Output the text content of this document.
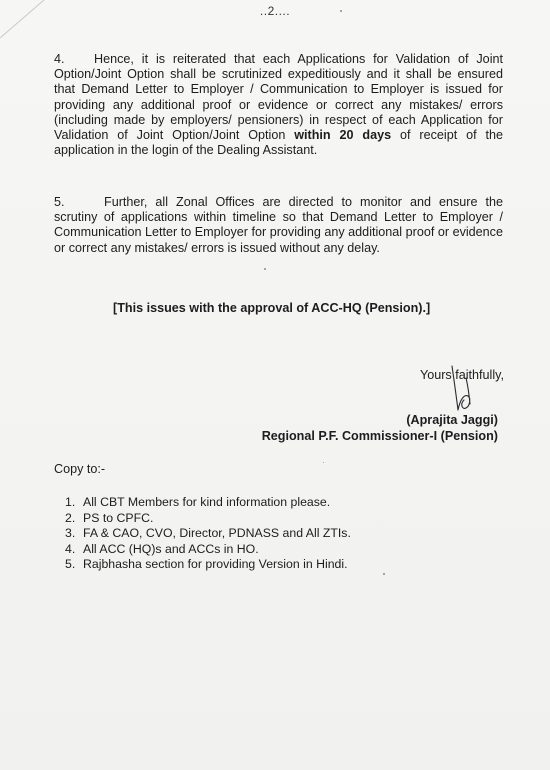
..2....
4. Hence, it is reiterated that each Applications for Validation of Joint Option/Joint Option shall be scrutinized expeditiously and it shall be ensured that Demand Letter to Employer / Communication to Employer is issued for providing any additional proof or evidence or correct any mistakes/ errors (including made by employers/ pensioners) in respect of each Application for Validation of Joint Option/Joint Option within 20 days of receipt of the application in the login of the Dealing Assistant.
5.	Further, all Zonal Offices are directed to monitor and ensure the scrutiny of applications within timeline so that Demand Letter to Employer / Communication Letter to Employer for providing any additional proof or evidence or correct any mistakes/ errors is issued without any delay.
[This issues with the approval of ACC-HQ (Pension).]
Yours faithfully,
(Aprajita Jaggi)
Regional P.F. Commissioner-I (Pension)
Copy to:-
1. All CBT Members for kind information please.
2. PS to CPFC.
3. FA & CAO, CVO, Director, PDNASS and All ZTIs.
4. All ACC (HQ)s and ACCs in HO.
5. Rajbhasha section for providing Version in Hindi.
